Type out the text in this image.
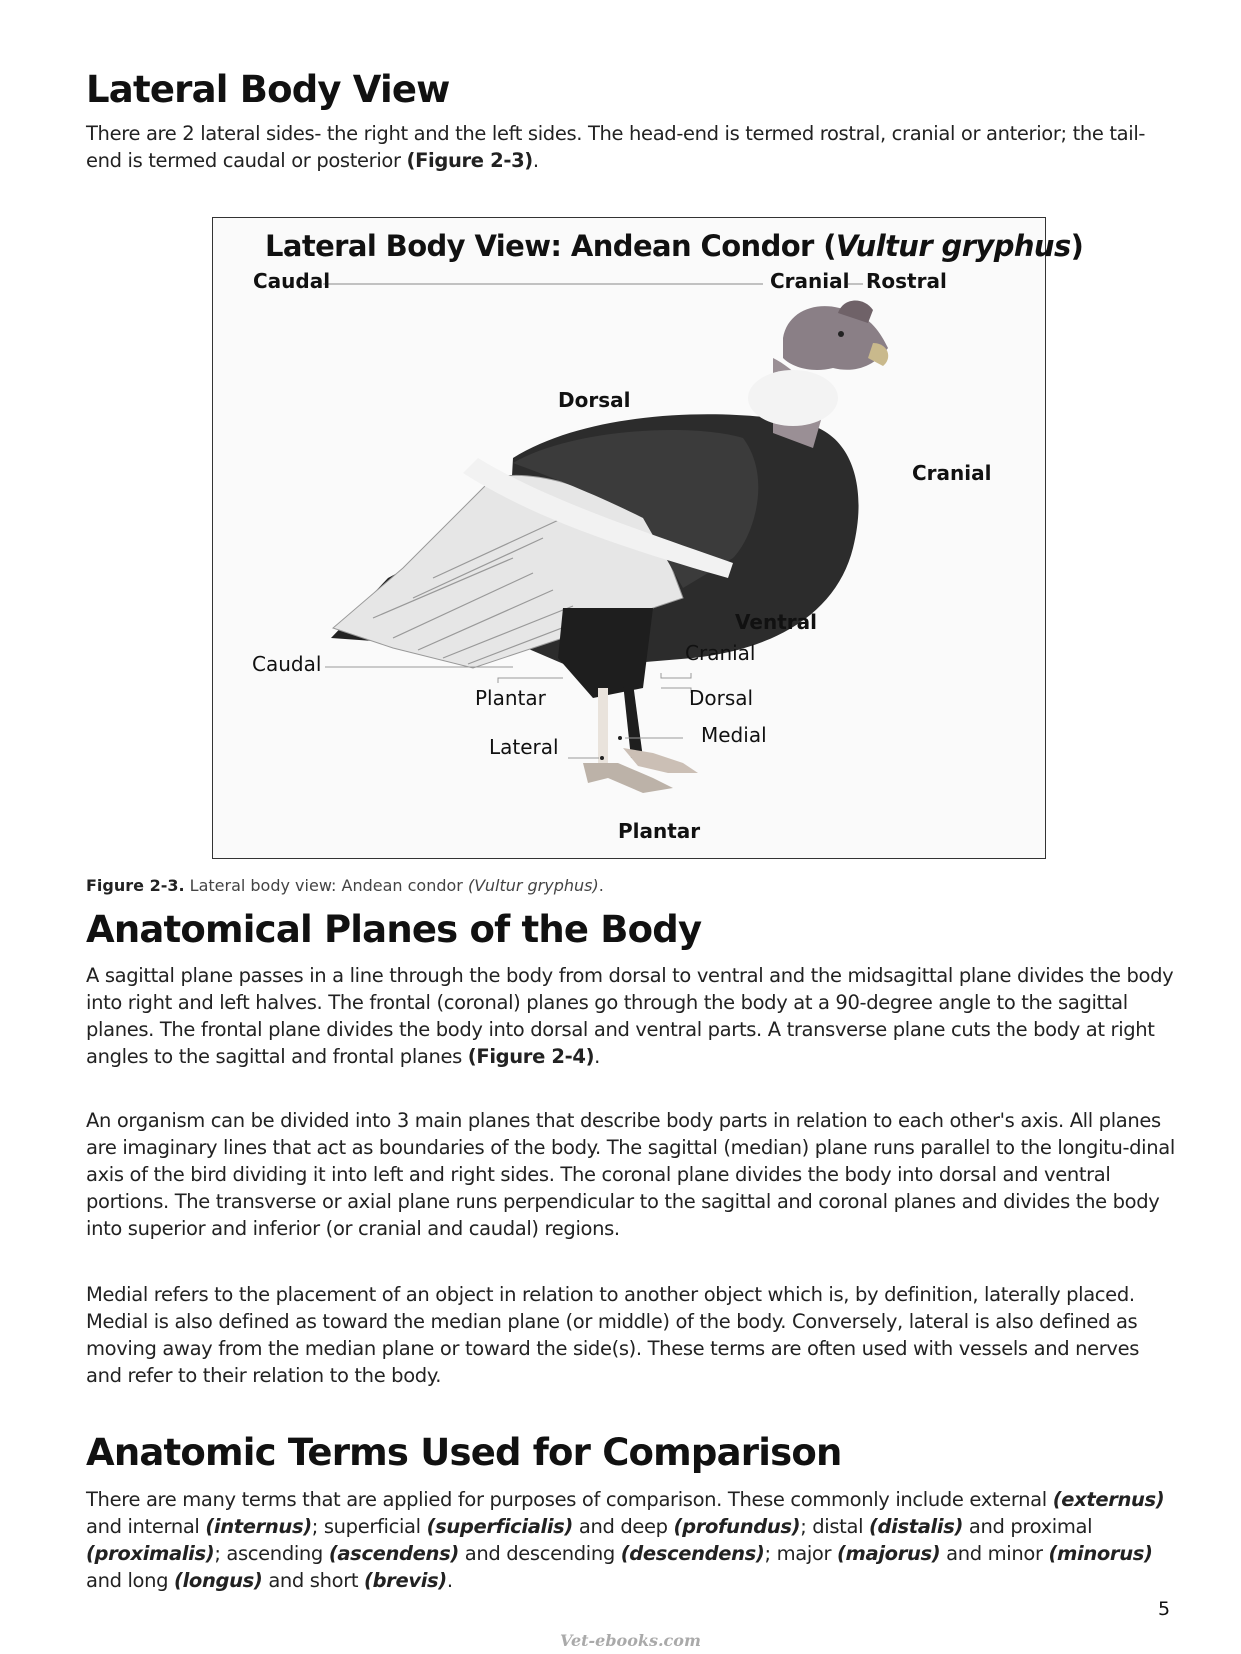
Lateral Body View

There are 2 lateral sides- the right and the left sides. The head-end is termed rostral, cranial or anterior; the tail-end is termed caudal or posterior (Figure 2-3).

Lateral Body View: Andean Condor (Vultur gryphus)
Caudal	Cranial Rostral
Dorsal
Cranial
Ventral
Cranial
Caudal
Plantar	Dorsal
Medial
Lateral
Plantar

Figure 2-3. Lateral body view: Andean condor (Vultur gryphus).

Anatomical Planes of the Body

A sagittal plane passes in a line through the body from dorsal to ventral and the midsagittal plane divides the body into right and left halves. The frontal (coronal) planes go through the body at a 90-degree angle to the sagittal planes. The frontal plane divides the body into dorsal and ventral parts. A transverse plane cuts the body at right angles to the sagittal and frontal planes (Figure 2-4).

An organism can be divided into 3 main planes that describe body parts in relation to each other's axis. All planes are imaginary lines that act as boundaries of the body. The sagittal (median) plane runs parallel to the longitu-dinal axis of the bird dividing it into left and right sides. The coronal plane divides the body into dorsal and ventral portions. The transverse or axial plane runs perpendicular to the sagittal and coronal planes and divides the body into superior and inferior (or cranial and caudal) regions.

Medial refers to the placement of an object in relation to another object which is, by definition, laterally placed. Medial is also defined as toward the median plane (or middle) of the body. Conversely, lateral is also defined as moving away from the median plane or toward the side(s). These terms are often used with vessels and nerves and refer to their relation to the body.

Anatomic Terms Used for Comparison

There are many terms that are applied for purposes of comparison. These commonly include external (externus) and internal (internus); superficial (superficialis) and deep (profundus); distal (distalis) and proximal (proximalis); ascending (ascendens) and descending (descendens); major (majorus) and minor (minorus) and long (longus) and short (brevis).

5
Vet-ebooks.com
